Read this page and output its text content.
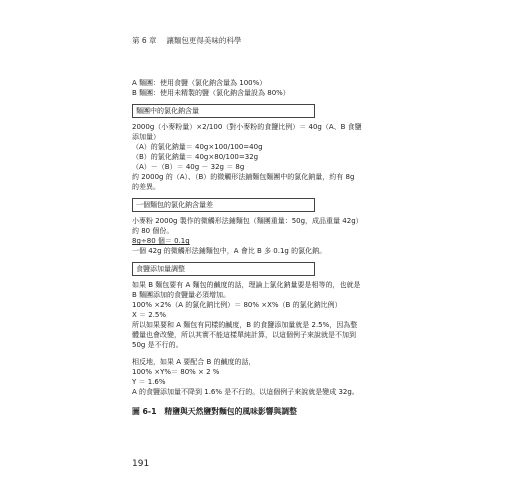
第 6 章 讓麵包更得美味的科學
A 麵團：使用食鹽（氯化鈉含量為 100%）
B 麵團：使用未精製的鹽（氯化鈉含量設為 80%）
麵團中的氯化鈉含量
2000g（小麥粉量）×2/100（對小麥粉的食鹽比例）＝ 40g（A、B 食鹽
添加量）
（A）的氯化鈉量＝ 40g×100/100=40g
（B）的氯化鈉量＝ 40g×80/100=32g
（A）－（B）＝ 40g － 32g ＝ 8g
約 2000g 的（A）、（B）的微觸形法鋪麵包麵團中的氯化鈉量，約有 8g
的差異。
一個麵包的氯化鈉含量差
小麥粉 2000g 製作的微觸形法鋪麵包（麵團重量：50g，成品重量 42g）
約 80 個份。
8g÷80 個＝ 0.1g
一個 42g 的微觸形法鋪麵包中，A 會比 B 多 0.1g 的氯化鈉。
食鹽添加量調整
如果 B 麵包要有 A 麵包的鹹度的話，理論上氯化鈉量要是相等的，也就是
B 麵團添加的食鹽量必須增加。
100% ×2%（A 的氯化鈉比例）＝ 80% ×X%（B 的氯化鈉比例）
X ＝ 2.5%
所以如果要和 A 麵包有同樣的鹹度，B 的食鹽添加量就是 2.5%，因為整
體量也會改變，所以其實不能這樣單純計算，以這個例子來說就是不加到
50g 是不行的。
相反地，如果 A 要配合 B 的鹹度的話，
100% ×Y%＝ 80% × 2 %
Y ＝ 1.6%
A 的食鹽添加量不降到 1.6% 是不行的。以這個例子來說就是變成 32g。
圖 6-1　精鹽與天然鹽對麵包的風味影響與調整
191
